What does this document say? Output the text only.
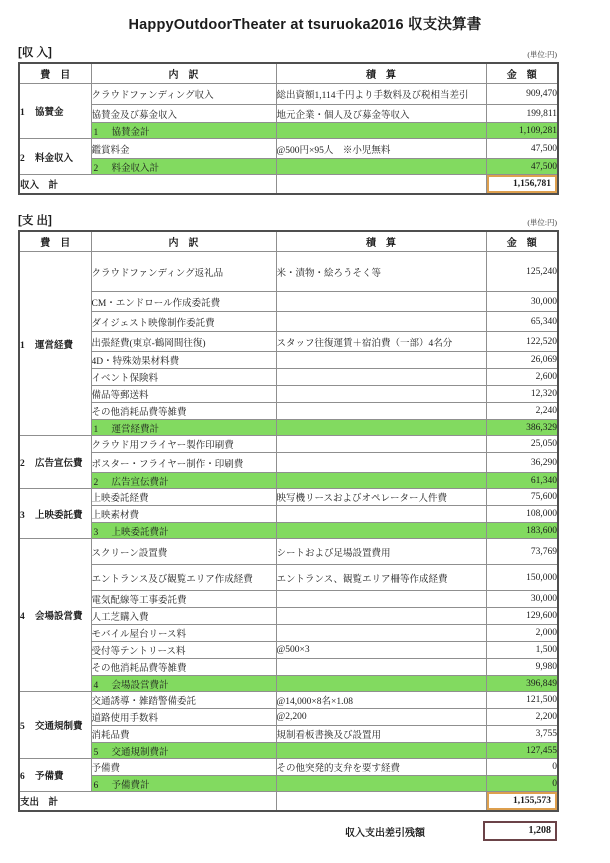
HappyOutdoorTheater at tsuruoka2016 収支決算書
[収 入]	(単位:円)
費　目	内　訳	積　算	金　額
1 協賛金	クラウドファンディング収入	総出資額1,114千円より手数料及び税相当差引	909,470
	協賛金及び募金収入	地元企業・個人及び募金等収入	199,811
	1 協賛金計		1,109,281
2 料金収入	鑑賞料金	@500円×95人　※小児無料	47,500
	2 料金収入計		47,500
収入　計			1,156,781
[支 出]	(単位:円)
費　目	内　訳	積　算	金　額
1 運営経費	クラウドファンディング返礼品	米・漬物・絵ろうそく等	125,240
	CM・エンドロール作成委託費		30,000
	ダイジェスト映像制作委託費		65,340
	出張経費(東京-鶴岡間往復)	スタッフ往復運賃＋宿泊費（一部）4名分	122,520
	4D・特殊効果材料費		26,069
	イベント保険料		2,600
	備品等郵送料		12,320
	その他消耗品費等雑費		2,240
	1 運営経費計		386,329
2 広告宣伝費	クラウド用フライヤー製作印刷費		25,050
	ポスター・フライヤー制作・印刷費		36,290
	2 広告宣伝費計		61,340
3 上映委託費	上映委託経費	映写機リースおよびオペレーター人件費	75,600
	上映素材費		108,000
	3 上映委託費計		183,600
4 会場設営費	スクリーン設置費	シートおよび足場設置費用	73,769
	エントランス及び観覧エリア作成経費	エントランス、観覧エリア柵等作成経費	150,000
	電気配線等工事委託費		30,000
	人工芝購入費		129,600
	モバイル屋台リース料		2,000
	受付等テントリース料	@500×3	1,500
	その他消耗品費等雑費		9,980
	4 会場設営費計		396,849
5 交通規制費	交通誘導・雑踏警備委託	@14,000×8名×1.08	121,500
	道路使用手数料	@2,200	2,200
	消耗品費	規制看板書換及び設置用	3,755
	5 交通規制費計		127,455
6 予備費	予備費	その他突発的支弁を要す経費	0
	6 予備費計		0
支出　計			1,155,573
収入支出差引残額	1,208
